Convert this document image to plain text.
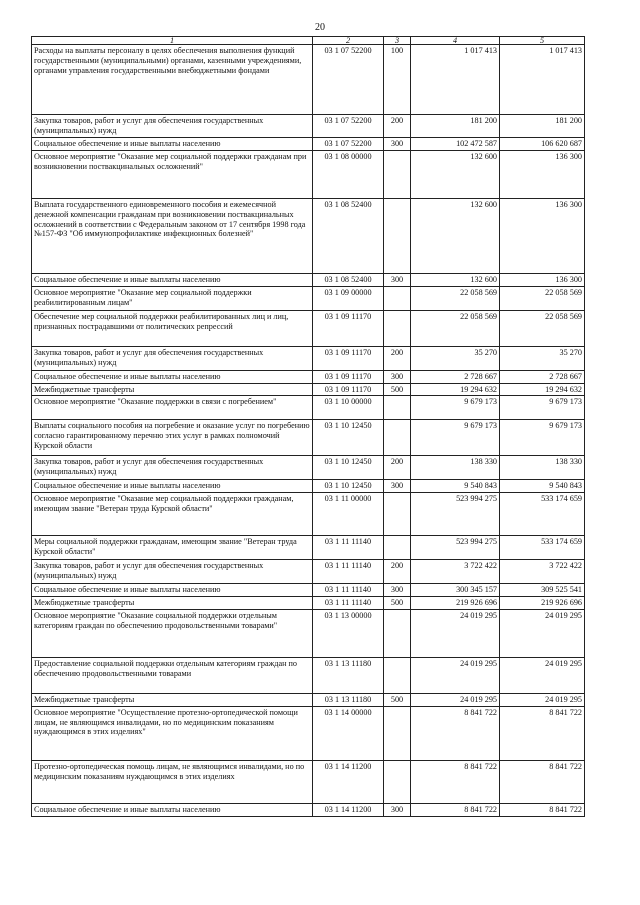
20
1	2	3	4	5
Расходы на выплаты персоналу в целях обеспечения выполнения функций государственными (муниципальными) органами, казенными учреждениями, органами управления государственными внебюджетными фондами	03 1 07 52200	100	1 017 413	1 017 413
Закупка товаров, работ и услуг для обеспечения государственных (муниципальных) нужд	03 1 07 52200	200	181 200	181 200
Социальное обеспечение и иные выплаты населению	03 1 07 52200	300	102 472 587	106 620 687
Основное мероприятие "Оказание мер социальной поддержки гражданам при возникновении поствакцинальных осложнений"	03 1 08 00000		132 600	136 300
Выплата государственного единовременного пособия и ежемесячной денежной компенсации гражданам при возникновении поствакцинальных осложнений в соответствии с Федеральным законом от 17 сентября 1998 года №157-ФЗ "Об иммунопрофилактике инфекционных болезней"	03 1 08 52400		132 600	136 300
Социальное обеспечение и иные выплаты населению	03 1 08 52400	300	132 600	136 300
Основное мероприятие "Оказание мер социальной поддержки реабилитированным лицам"	03 1 09 00000		22 058 569	22 058 569
Обеспечение мер социальной поддержки реабилитированных лиц и лиц, признанных пострадавшими от политических репрессий	03 1 09 11170		22 058 569	22 058 569
Закупка товаров, работ и услуг для обеспечения государственных (муниципальных) нужд	03 1 09 11170	200	35 270	35 270
Социальное обеспечение и иные выплаты населению	03 1 09 11170	300	2 728 667	2 728 667
Межбюджетные трансферты	03 1 09 11170	500	19 294 632	19 294 632
Основное мероприятие "Оказание поддержки в связи с погребением"	03 1 10 00000		9 679 173	9 679 173
Выплаты социального пособия на погребение и оказание услуг по погребению согласно гарантированному перечню этих услуг в рамках полномочий Курской области	03 1 10 12450		9 679 173	9 679 173
Закупка товаров, работ и услуг для обеспечения государственных (муниципальных) нужд	03 1 10 12450	200	138 330	138 330
Социальное обеспечение и иные выплаты населению	03 1 10 12450	300	9 540 843	9 540 843
Основное мероприятие "Оказание мер социальной поддержки гражданам, имеющим звание "Ветеран труда Курской области"	03 1 11 00000		523 994 275	533 174 659
Меры социальной поддержки гражданам, имеющим звание "Ветеран труда Курской области"	03 1 11 11140		523 994 275	533 174 659
Закупка товаров, работ и услуг для обеспечения государственных (муниципальных) нужд	03 1 11 11140	200	3 722 422	3 722 422
Социальное обеспечение и иные выплаты населению	03 1 11 11140	300	300 345 157	309 525 541
Межбюджетные трансферты	03 1 11 11140	500	219 926 696	219 926 696
Основное мероприятие "Оказание социальной поддержки отдельным категориям граждан по обеспечению продовольственными товарами"	03 1 13 00000		24 019 295	24 019 295
Предоставление социальной поддержки отдельным категориям граждан по обеспечению продовольственными товарами	03 1 13 11180		24 019 295	24 019 295
Межбюджетные трансферты	03 1 13 11180	500	24 019 295	24 019 295
Основное мероприятие "Осуществление протезно-ортопедической помощи лицам, не являющимся инвалидами, но по медицинским показаниям нуждающимся в этих изделиях"	03 1 14 00000		8 841 722	8 841 722
Протезно-ортопедическая помощь лицам, не являющимся инвалидами, но по медицинским показаниям нуждающимся в этих изделиях	03 1 14 11200		8 841 722	8 841 722
Социальное обеспечение и иные выплаты населению	03 1 14 11200	300	8 841 722	8 841 722
